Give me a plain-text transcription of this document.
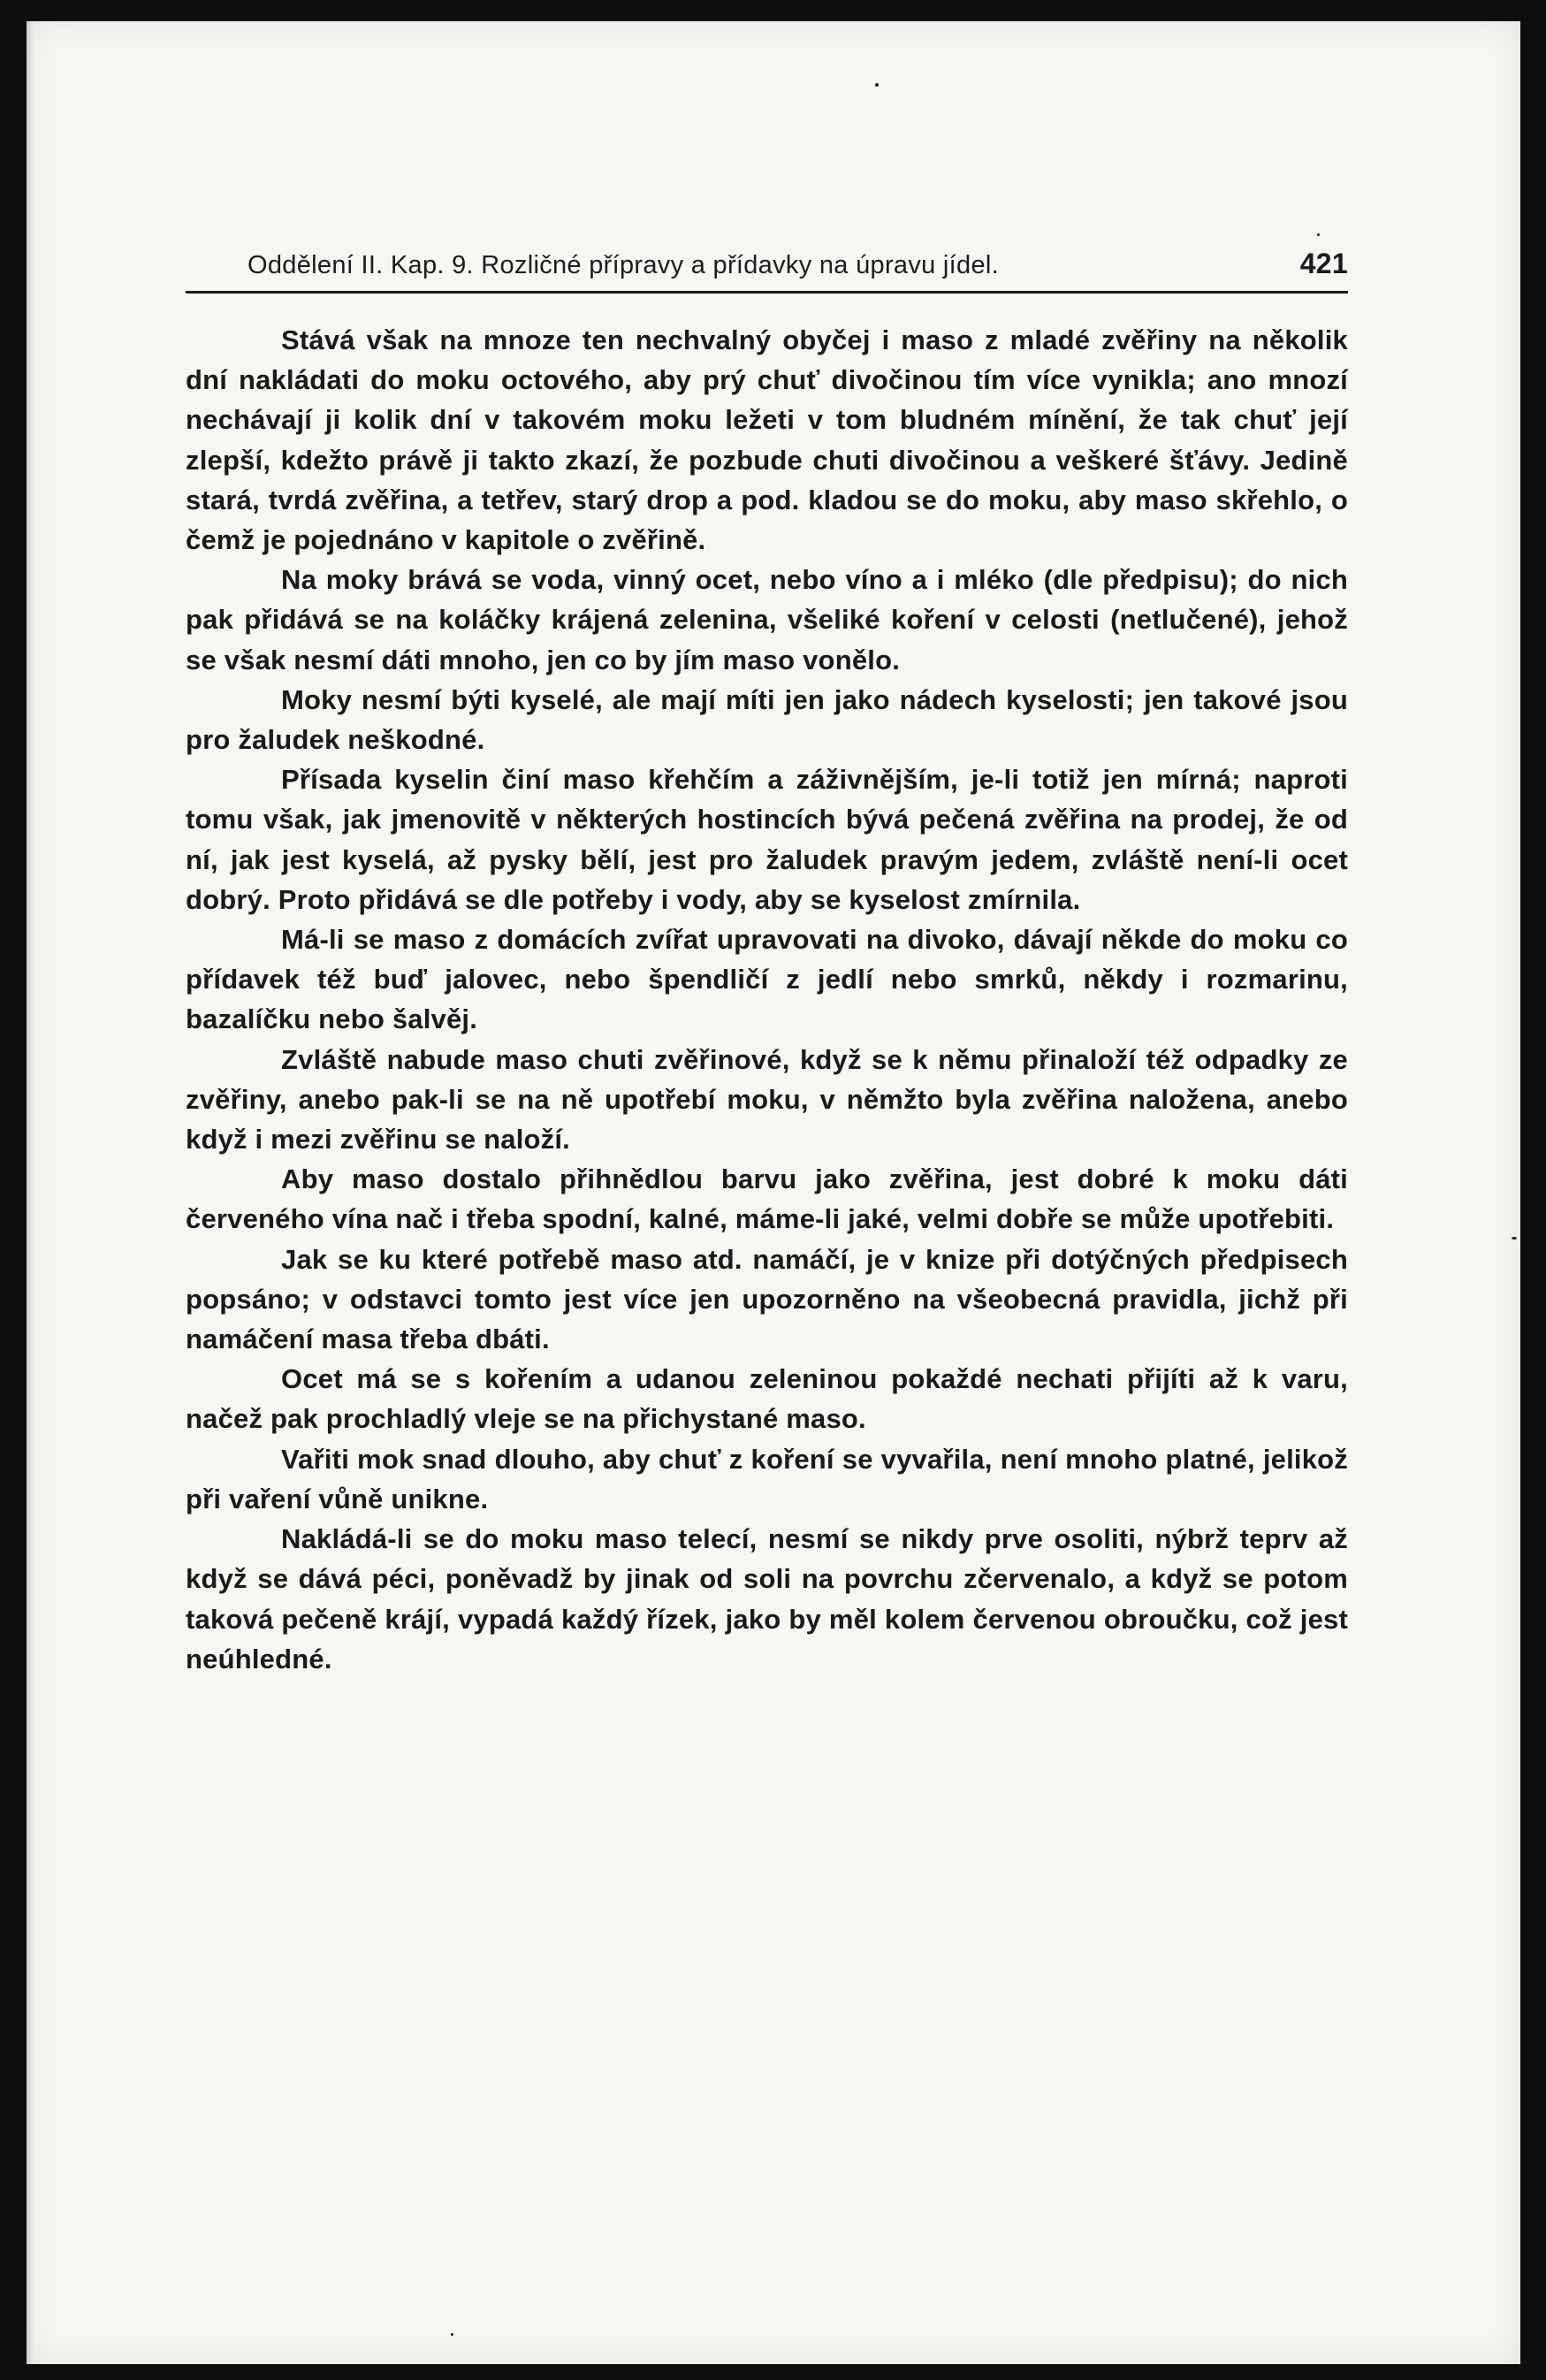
Oddělení II. Kap. 9. Rozličné přípravy a přídavky na úpravu jídel.	421

Stává však na mnoze ten nechvalný obyčej i maso z mladé zvěřiny na několik dní nakládati do moku octového, aby prý chuť divočinou tím více vynikla; ano mnozí nechávají ji kolik dní v takovém moku ležeti v tom bludném mínění, že tak chuť její zlepší, kdežto právě ji takto zkazí, že pozbude chuti divočinou a veškeré šťávy. Jedině stará, tvrdá zvěřina, a tetřev, starý drop a pod. kladou se do moku, aby maso skřehlo, o čemž je pojednáno v kapitole o zvěřině.

Na moky brává se voda, vinný ocet, nebo víno a i mléko (dle předpisu); do nich pak přidává se na koláčky krájená zelenina, všeliké koření v celosti (netlučené), jehož se však nesmí dáti mnoho, jen co by jím maso vonělo.

Moky nesmí býti kyselé, ale mají míti jen jako nádech kyselosti; jen takové jsou pro žaludek neškodné.

Přísada kyselin činí maso křehčím a záživnějším, je-li totiž jen mírná; naproti tomu však, jak jmenovitě v některých hostincích bývá pečená zvěřina na prodej, že od ní, jak jest kyselá, až pysky bělí, jest pro žaludek pravým jedem, zvláště není-li ocet dobrý. Proto přidává se dle potřeby i vody, aby se kyselost zmírnila.

Má-li se maso z domácích zvířat upravovati na divoko, dávají někde do moku co přídavek též buď jalovec, nebo špendličí z jedlí nebo smrků, někdy i rozmarinu, bazalíčku nebo šalvěj.

Zvláště nabude maso chuti zvěřinové, když se k němu přinaloží též odpadky ze zvěřiny, anebo pak-li se na ně upotřebí moku, v němžto byla zvěřina naložena, anebo když i mezi zvěřinu se naloží.

Aby maso dostalo přihnědlou barvu jako zvěřina, jest dobré k moku dáti červeného vína nač i třeba spodní, kalné, máme-li jaké, velmi dobře se může upotřebiti.

Jak se ku které potřebě maso atd. namáčí, je v knize při dotýčných předpisech popsáno; v odstavci tomto jest více jen upozorněno na všeobecná pravidla, jichž při namáčení masa třeba dbáti.

Ocet má se s kořením a udanou zeleninou pokaždé nechati přijíti až k varu, načež pak prochladlý vleje se na přichystané maso.

Vařiti mok snad dlouho, aby chuť z koření se vyvařila, není mnoho platné, jelikož při vaření vůně unikne.

Nakládá-li se do moku maso telecí, nesmí se nikdy prve osoliti, nýbrž teprv až když se dává péci, poněvadž by jinak od soli na povrchu zčervenalo, a když se potom taková pečeně krájí, vypadá každý řízek, jako by měl kolem červenou obroučku, což jest neúhledné.
